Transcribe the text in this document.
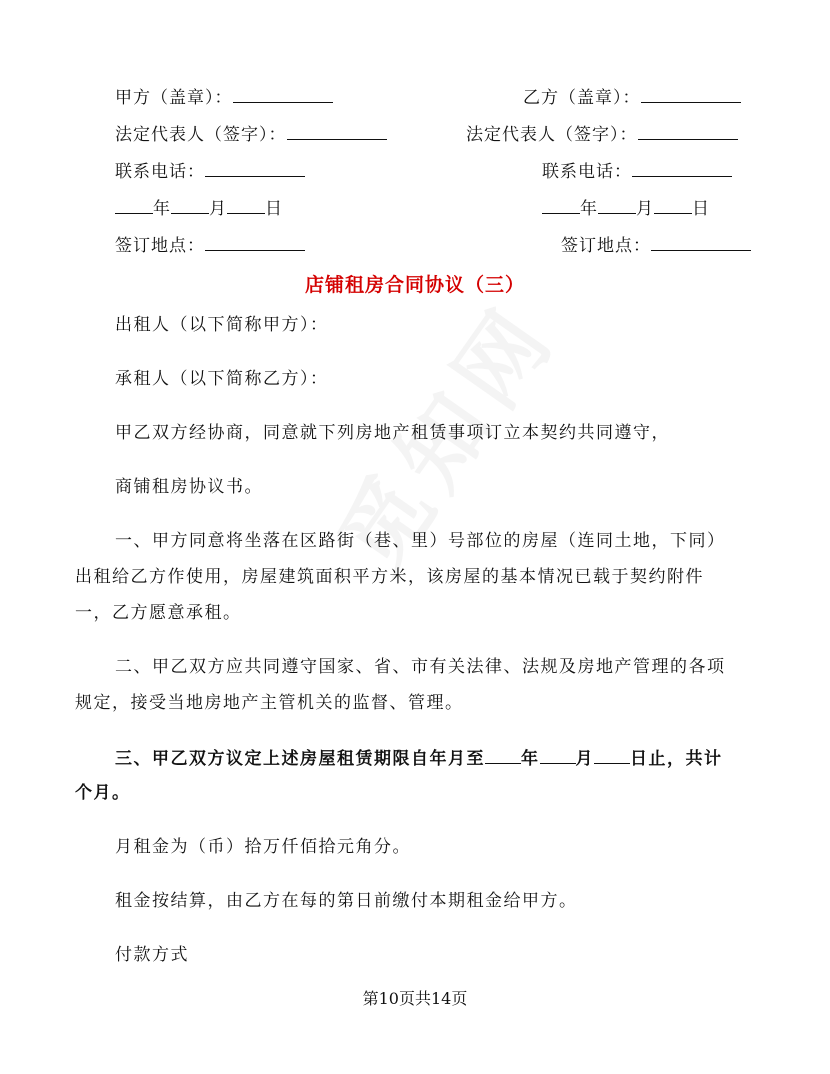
甲方（盖章）：
法定代表人（签字）：
联系电话：
年 月 日
签订地点：
乙方（盖章）：
法定代表人（签字）：
联系电话：
年 月 日
签订地点：
店铺租房合同协议（三）
出租人（以下简称甲方）：
承租人（以下简称乙方）：
甲乙双方经协商，同意就下列房地产租赁事项订立本契约共同遵守，
商铺租房协议书。
一、甲方同意将坐落在区路街（巷、里）号部位的房屋（连同土地，下同）
出租给乙方作使用，房屋建筑面积平方米，该房屋的基本情况已载于契约附件
一，乙方愿意承租。
二、甲乙双方应共同遵守国家、省、市有关法律、法规及房地产管理的各项
规定，接受当地房地产主管机关的监督、管理。
三、甲乙双方议定上述房屋租赁期限自年月至 年 月 日止，共计
个月。
月租金为（币）拾万仟佰拾元角分。
租金按结算，由乙方在每的第日前缴付本期租金给甲方。
付款方式
第10页共14页
